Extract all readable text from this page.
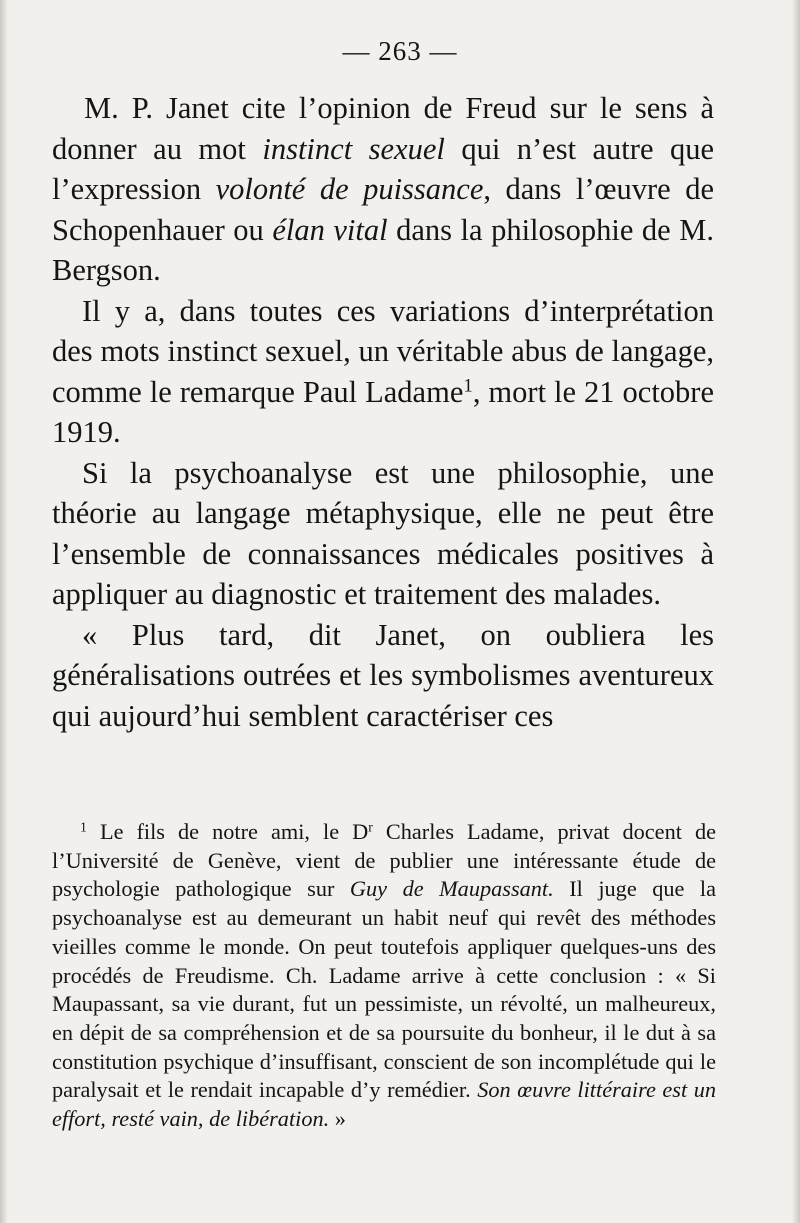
— 263 —

M. P. Janet cite l’opinion de Freud sur le sens à donner au mot instinct sexuel qui n’est autre que l’expression volonté de puissance, dans l’œuvre de Schopenhauer ou élan vital dans la philosophie de M. Bergson.

Il y a, dans toutes ces variations d’interprétation des mots instinct sexuel, un véritable abus de langage, comme le remarque Paul Ladame$^1$, mort le 21 octobre 1919.

Si la psychoanalyse est une philosophie, une théorie au langage métaphysique, elle ne peut être l’ensemble de connaissances médicales positives à appliquer au diagnostic et traitement des malades.

« Plus tard, dit Janet, on oubliera les généralisations outrées et les symbolismes aventureux qui aujourd’hui semblent caractériser ces

$^1$ Le fils de notre ami, le $D^r$ Charles Ladame, privat docent de l’Université de Genève, vient de publier une intéressante étude de psychologie pathologique sur Guy de Maupassant. Il juge que la psychoanalyse est au demeurant un habit neuf qui revêt des méthodes vieilles comme le monde. On peut toutefois appliquer quelques-uns des procédés de Freudisme. Ch. Ladame arrive à cette conclusion : « Si Maupassant, sa vie durant, fut un pessimiste, un révolté, un malheureux, en dépit de sa compréhension et de sa poursuite du bonheur, il le dut à sa constitution psychique d’insuffisant, conscient de son incomplétude qui le paralysait et le rendait incapable d’y remédier. Son œuvre littéraire est un effort, resté vain, de libération. »
